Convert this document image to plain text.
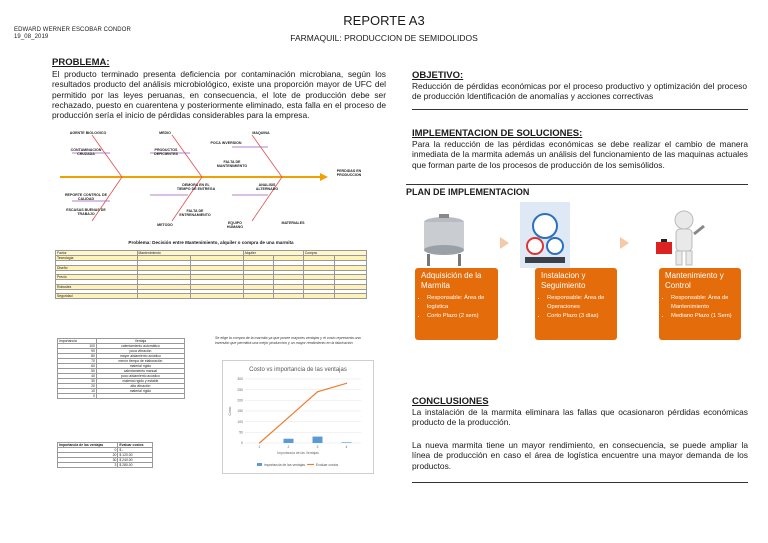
EDWARD WERNER ESCOBAR CONDOR
19_08_2019
REPORTE A3
FARMAQUIL: PRODUCCION DE SEMIDOLIDOS
PROBLEMA:
El producto terminado presenta deficiencia por contaminación microbiana, según los resultados producto del análisis microbiológico, existe una proporción mayor de UFC del permitido por las leyes peruanas, en consecuencia, el lote de producción debe ser rechazado, puesto en cuarentena y posteriormente eliminado, esta falla en el proceso de producción sería el inicio de pérdidas considerables para la empresa.
AGENTE BIOLOGICO	MEDIO	MAQUINA
CONTAMINACION CRUZADA
PRODUCTOS DEFICIENTES
FALTA DE MANTENIMIENTO
POCA INVERSION
REPORTE CONTROL DE CALIDAD
ESCASAS BUENAS DE TRABAJO
METODO
FALTA DE ENTRENAMIENTO
EQUIPO HUMANO
MATERIALES
DEMORA EN EL TIEMPO DE ENTREGA
ANALISIS ALTERNADO
PERDIDAS EN PRODUCCION
Problema: Decisión entre Mantenimiento, alquiler o compra de una marmita
Factor	Mantenimiento		Alquiler		Compra	
Tecnología						

Diseño						

Precio						

Robustez						

Seguridad						
Importancia	Ventaja
100	calentamiento automático
90	poca vibración
80	mayor aislamiento acústico
70	menor tiempo de elaboración
60	material rígido
50	calentamiento manual
40	poco aislamiento acústico
30	material rígido y estable
20	alta vibración
10	material rígido
0	
Importancia de las ventajas	Evaluar costos
0	$ -
20	$ 120.00
30	$ 240.00
3	$ 280.00
Se elige la compra de la marmita ya que posee mayores ventajas y el costo representa una inversión que permitirá una mejor producción y un mayor rendimiento en la fabricación
Costo vs importancia de las ventajas
0
50
100
150
200
250
300
1	2	3	4
Importancia de las Ventajas
Costo
importancia de las ventajas	Evaluar costos
OBJETIVO:
Reducción de pérdidas económicas por el proceso productivo y optimización del proceso de producción Identificación de anomalías y acciones correctivas
IMPLEMENTACION DE SOLUCIONES:
Para la reducción de las pérdidas económicas se debe realizar el cambio de manera inmediata de la marmita además un análisis del funcionamiento de las maquinas actuales que forman parte de los procesos de producción de los semisólidos.
PLAN DE IMPLEMENTACION
Adquisición de la Marmita
• Responsable: Área de logística
• Corto Plazo (2 sem)
Instalacion y Seguimiento
• Responsable: Área de Operaciones
• Corto Plazo (3 días)
Mantenimiento y Control
• Responsable: Área de Mantenimiento
• Mediano Plazo (1 Sem)
CONCLUSIONES
La instalación de la marmita eliminara las fallas que ocasionaron pérdidas económicas producto de la producción.
La nueva marmita tiene un mayor rendimiento, en consecuencia, se puede ampliar la línea de producción en caso el área de logística encuentre una mayor demanda de los productos.
